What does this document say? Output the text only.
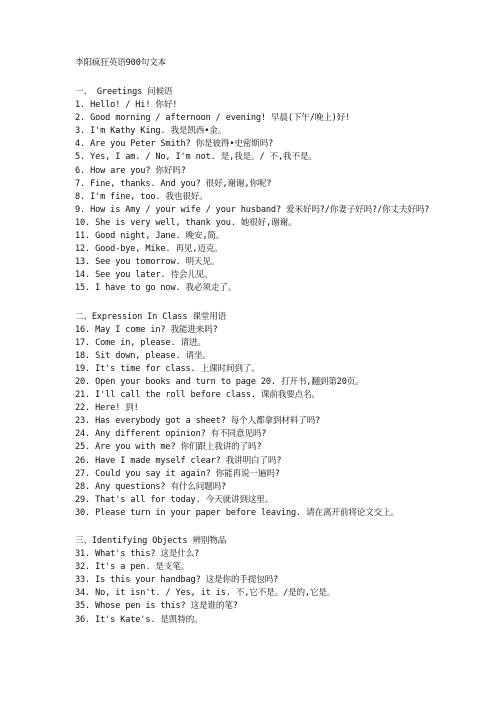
李阳疯狂英语900句文本
一、 Greetings 问候语
1. Hello! / Hi! 你好!
2. Good morning / afternoon / evening! 早晨(下午/晚上)好!
3. I'm Kathy King. 我是凯西•金。
4. Are you Peter Smith? 你是彼得•史密斯吗?
5. Yes, I am. / No, I'm not. 是,我是。/ 不,我不是。
6. How are you? 你好吗?
7. Fine, thanks. And you? 很好,谢谢,你呢?
8. I'm fine, too. 我也很好。
9. How is Amy / your wife / your husband? 爱米好吗?/你妻子好吗?/你丈夫好吗?
10. She is very well, thank you. 她很好,谢谢。
11. Good night, Jane. 晚安,简。
12. Good-bye, Mike. 再见,迈克。
13. See you tomorrow. 明天见。
14. See you later. 待会儿见。
15. I have to go now. 我必须走了。
二、Expression In Class 课堂用语
16. May I come in? 我能进来吗?
17. Come in, please. 请进。
18. Sit down, please. 请坐。
19. It's time for class. 上课时间到了。
20. Open your books and turn to page 20. 打开书,翻到第20页。
21. I'll call the roll before class. 课前我要点名。
22. Here! 到!
23. Has everybody got a sheet? 每个人都拿到材料了吗?
24. Any different opinion? 有不同意见吗?
25. Are you with me? 你们跟上我讲的了吗?
26. Have I made myself clear? 我讲明白了吗?
27. Could you say it again? 你能再说一遍吗?
28. Any questions? 有什么问题吗?
29. That's all for today. 今天就讲到这里。
30. Please turn in your paper before leaving. 请在离开前将论文交上。
三、Identifying Objects 辨别物品
31. What's this? 这是什么?
32. It's a pen. 是支笔。
33. Is this your handbag? 这是你的手提包吗?
34. No, it isn't. / Yes, it is. 不,它不是。/是的,它是。
35. Whose pen is this? 这是谁的笔?
36. It's Kate's. 是凯特的。
